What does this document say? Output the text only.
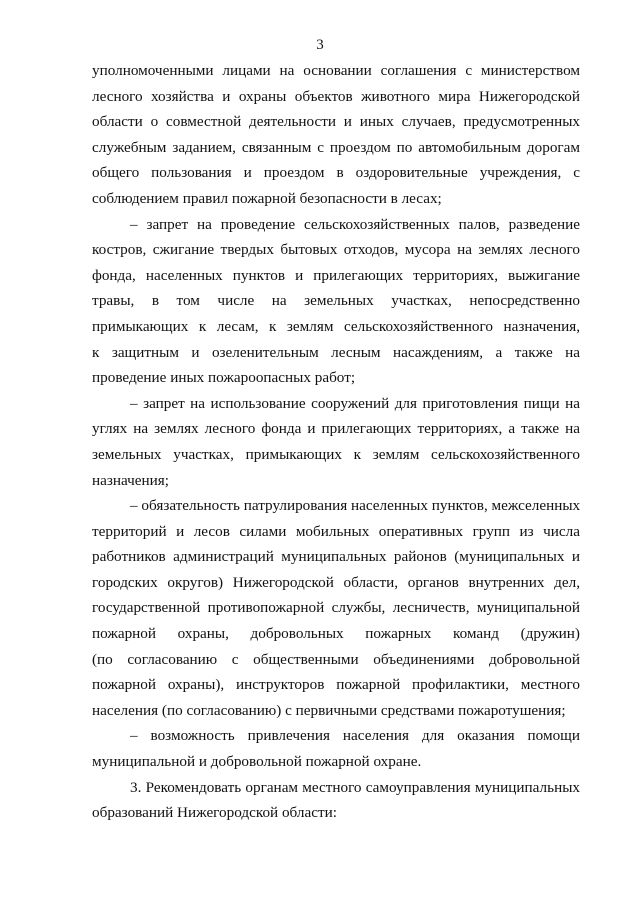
3
уполномоченными лицами на основании соглашения с министерством
лесного хозяйства и охраны объектов животного мира Нижегородской
области о совместной деятельности и иных случаев, предусмотренных
служебным заданием, связанным с проездом по автомобильным дорогам
общего пользования и проездом в оздоровительные учреждения, с
соблюдением правил пожарной безопасности в лесах;
– запрет на проведение сельскохозяйственных палов, разведение
костров, сжигание твердых бытовых отходов, мусора на землях лесного
фонда, населенных пунктов и прилегающих территориях, выжигание
травы, в том числе на земельных участках, непосредственно
примыкающих к лесам, к землям сельскохозяйственного назначения,
к защитным и озеленительным лесным насаждениям, а также на
проведение иных пожароопасных работ;
– запрет на использование сооружений для приготовления пищи на
углях на землях лесного фонда и прилегающих территориях, а также на
земельных участках, примыкающих к землям сельскохозяйственного
назначения;
– обязательность патрулирования населенных пунктов, межселенных
территорий и лесов силами мобильных оперативных групп из числа
работников администраций муниципальных районов (муниципальных и
городских округов) Нижегородской области, органов внутренних дел,
государственной противопожарной службы, лесничеств, муниципальной
пожарной охраны, добровольных пожарных команд (дружин)
(по согласованию с общественными объединениями добровольной
пожарной охраны), инструкторов пожарной профилактики, местного
населения (по согласованию) с первичными средствами пожаротушения;
– возможность привлечения населения для оказания помощи
муниципальной и добровольной пожарной охране.
3. Рекомендовать органам местного самоуправления муниципальных
образований Нижегородской области:
